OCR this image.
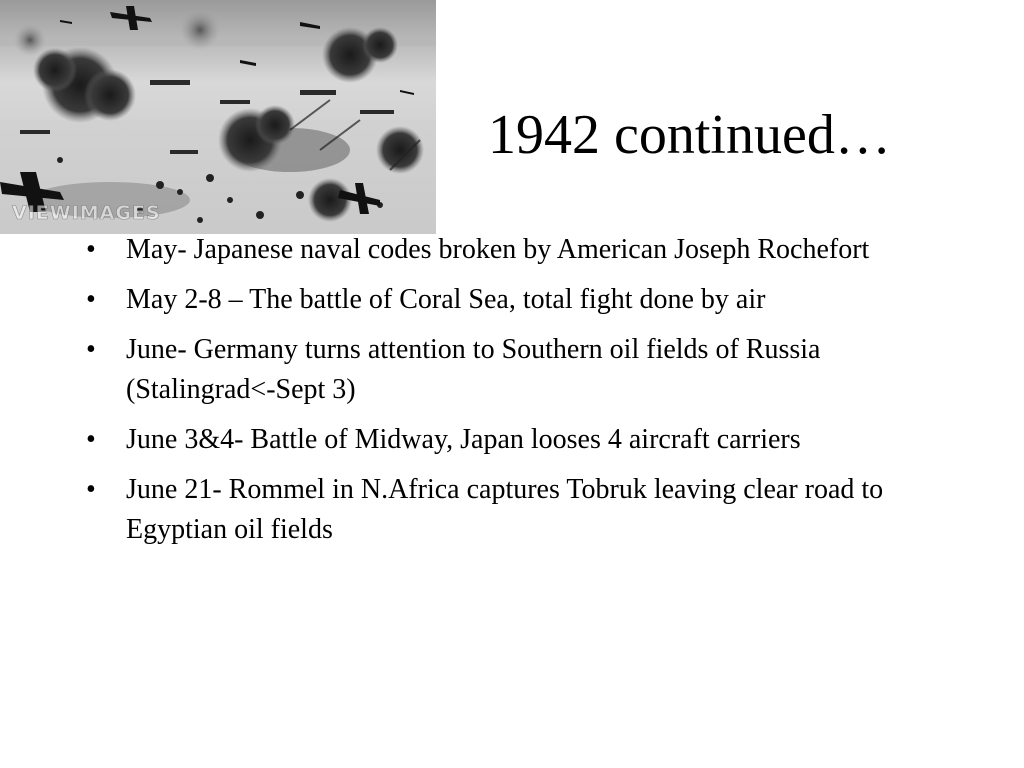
VIEWIMAGES
1942 continued…
• May- Japanese naval codes broken by American Joseph Rochefort
• May 2-8 – The battle of Coral Sea, total fight done by air
• June- Germany turns attention to Southern oil fields of Russia (Stalingrad<-Sept 3)
• June 3&4- Battle of Midway, Japan looses 4 aircraft carriers
• June 21- Rommel in N.Africa captures Tobruk leaving clear road to Egyptian oil fields
